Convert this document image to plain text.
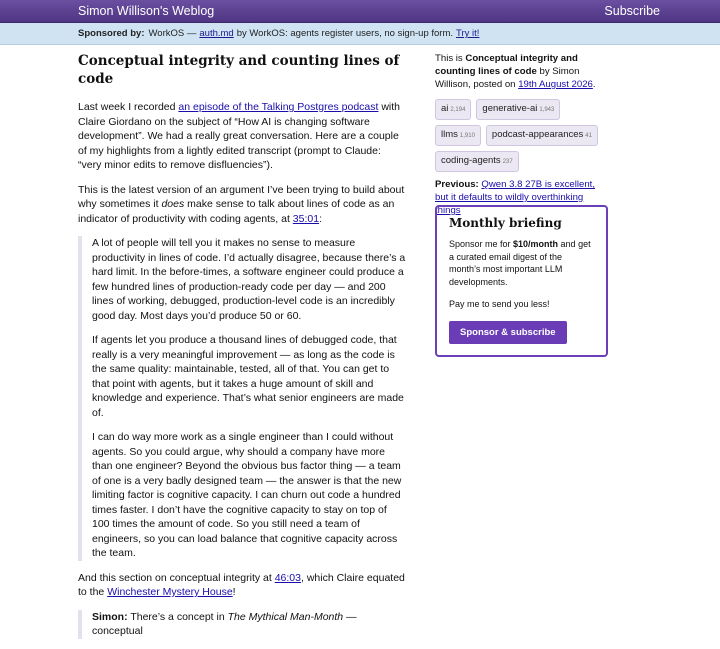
Simon Willison's Weblog	Subscribe
Sponsored by: WorkOS — auth.md by WorkOS: agents register users, no sign-up form. Try it!
Conceptual integrity and counting lines of code

Last week I recorded an episode of the Talking Postgres podcast with Claire Giordano on the subject of “How AI is changing software development”. We had a really great conversation. Here are a couple of my highlights from a lightly edited transcript (prompt to Claude: “very minor edits to remove disfluencies”).

This is the latest version of an argument I’ve been trying to build about why sometimes it does make sense to talk about lines of code as an indicator of productivity with coding agents, at 35:01:

A lot of people will tell you it makes no sense to measure productivity in lines of code. I’d actually disagree, because there’s a hard limit. In the before-times, a software engineer could produce a few hundred lines of production-ready code per day — and 200 lines of working, debugged, production-level code is an incredibly good day. Most days you’d produce 50 or 60.

If agents let you produce a thousand lines of debugged code, that really is a very meaningful improvement — as long as the code is the same quality: maintainable, tested, all of that. You can get to that point with agents, but it takes a huge amount of skill and knowledge and experience. That’s what senior engineers are made of.

I can do way more work as a single engineer than I could without agents. So you could argue, why should a company have more than one engineer? Beyond the obvious bus factor thing — a team of one is a very badly designed team — the answer is that the new limiting factor is cognitive capacity. I can churn out code a hundred times faster. I don’t have the cognitive capacity to stay on top of 100 times the amount of code. So you still need a team of engineers, so you can load balance that cognitive capacity across the team.

And this section on conceptual integrity at 46:03, which Claire equated to the Winchester Mystery House!

Simon: There’s a concept in The Mythical Man-Month — conceptual

This is Conceptual integrity and counting lines of code by Simon Willison, posted on 19th August 2026.
ai 2,194	generative-ai 1,943
llms 1,910	podcast-appearances 41
coding-agents 237
Previous: Qwen 3.8 27B is excellent, but it defaults to wildly overthinking things
Monthly briefing

Sponsor me for $10/month and get a curated email digest of the month’s most important LLM developments.

Pay me to send you less!

Sponsor & subscribe
